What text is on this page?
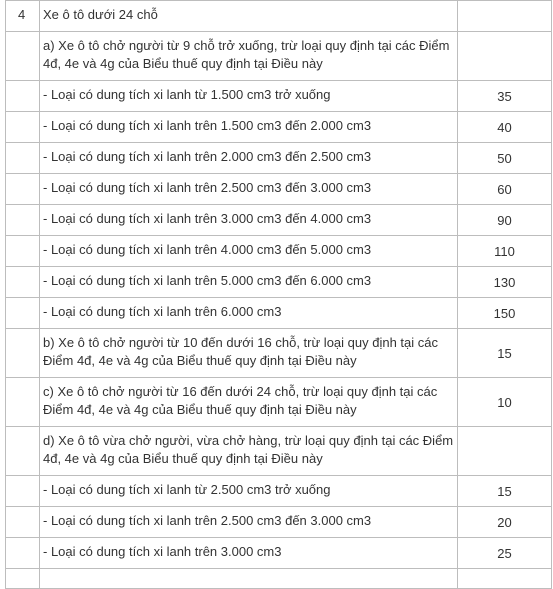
4	Xe ô tô dưới 24 chỗ	
	a) Xe ô tô chở người từ 9 chỗ trở xuống, trừ loại quy định tại các Điểm 4đ, 4e và 4g của Biểu thuế quy định tại Điều này	
	- Loại có dung tích xi lanh từ 1.500 cm3 trở xuống	35
	- Loại có dung tích xi lanh trên 1.500 cm3 đến 2.000 cm3	40
	- Loại có dung tích xi lanh trên 2.000 cm3 đến 2.500 cm3	50
	- Loại có dung tích xi lanh trên 2.500 cm3 đến 3.000 cm3	60
	- Loại có dung tích xi lanh trên 3.000 cm3 đến 4.000 cm3	90
	- Loại có dung tích xi lanh trên 4.000 cm3 đến 5.000 cm3	110
	- Loại có dung tích xi lanh trên 5.000 cm3 đến 6.000 cm3	130
	- Loại có dung tích xi lanh trên 6.000 cm3	150
	b) Xe ô tô chở người từ 10 đến dưới 16 chỗ, trừ loại quy định tại các Điểm 4đ, 4e và 4g của Biểu thuế quy định tại Điều này	15
	c) Xe ô tô chở người từ 16 đến dưới 24 chỗ, trừ loại quy định tại các Điểm 4đ, 4e và 4g của Biểu thuế quy định tại Điều này	10
	d) Xe ô tô vừa chở người, vừa chở hàng, trừ loại quy định tại các Điểm 4đ, 4e và 4g của Biểu thuế quy định tại Điều này	
	- Loại có dung tích xi lanh từ 2.500 cm3 trở xuống	15
	- Loại có dung tích xi lanh trên 2.500 cm3 đến 3.000 cm3	20
	- Loại có dung tích xi lanh trên 3.000 cm3	25
